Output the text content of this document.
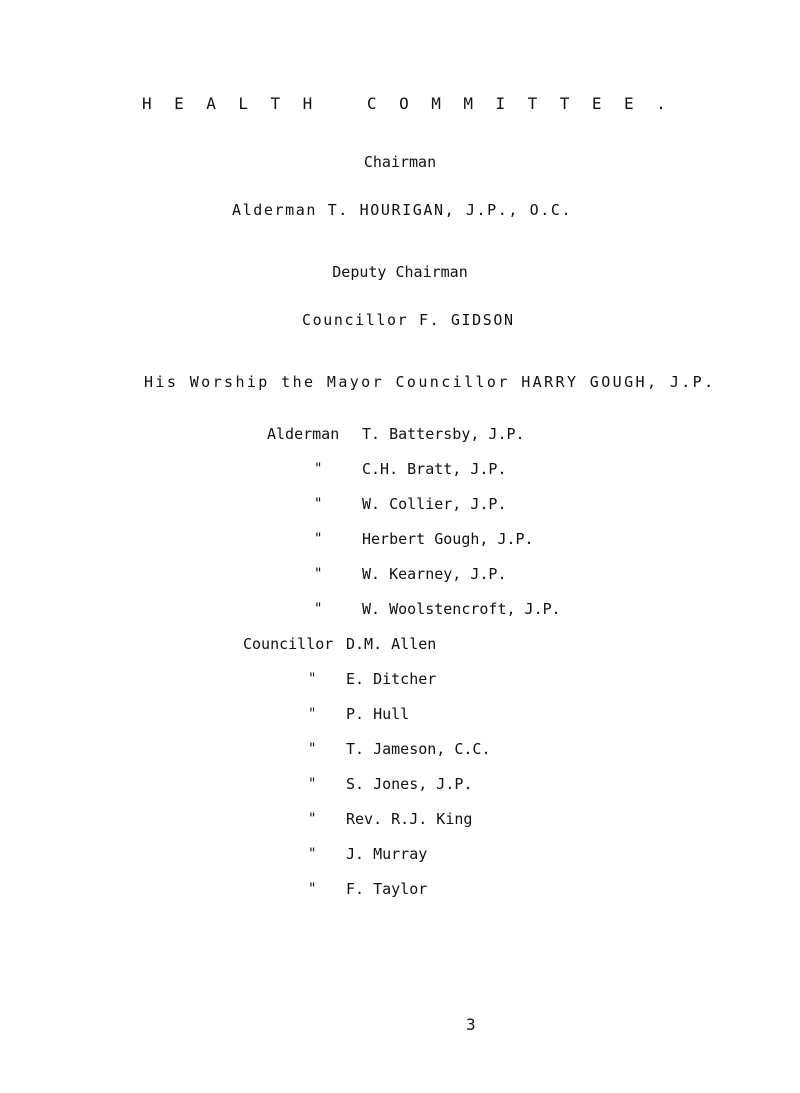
HEALTH COMMITTEE.
Chairman
Alderman T. HOURIGAN, J.P., O.C.
Deputy Chairman
Councillor F. GIDSON
His Worship the Mayor Councillor HARRY GOUGH, J.P.
Alderman T. Battersby, J.P.
"	C.H. Bratt, J.P.
"	W. Collier, J.P.
"	Herbert Gough, J.P.
"	W. Kearney, J.P.
"	W. Woolstencroft, J.P.
Councillor D.M. Allen
" E. Ditcher
" P. Hull
" T. Jameson, C.C.
" S. Jones, J.P.
" Rev. R.J. King
" J. Murray
" F. Taylor
3
